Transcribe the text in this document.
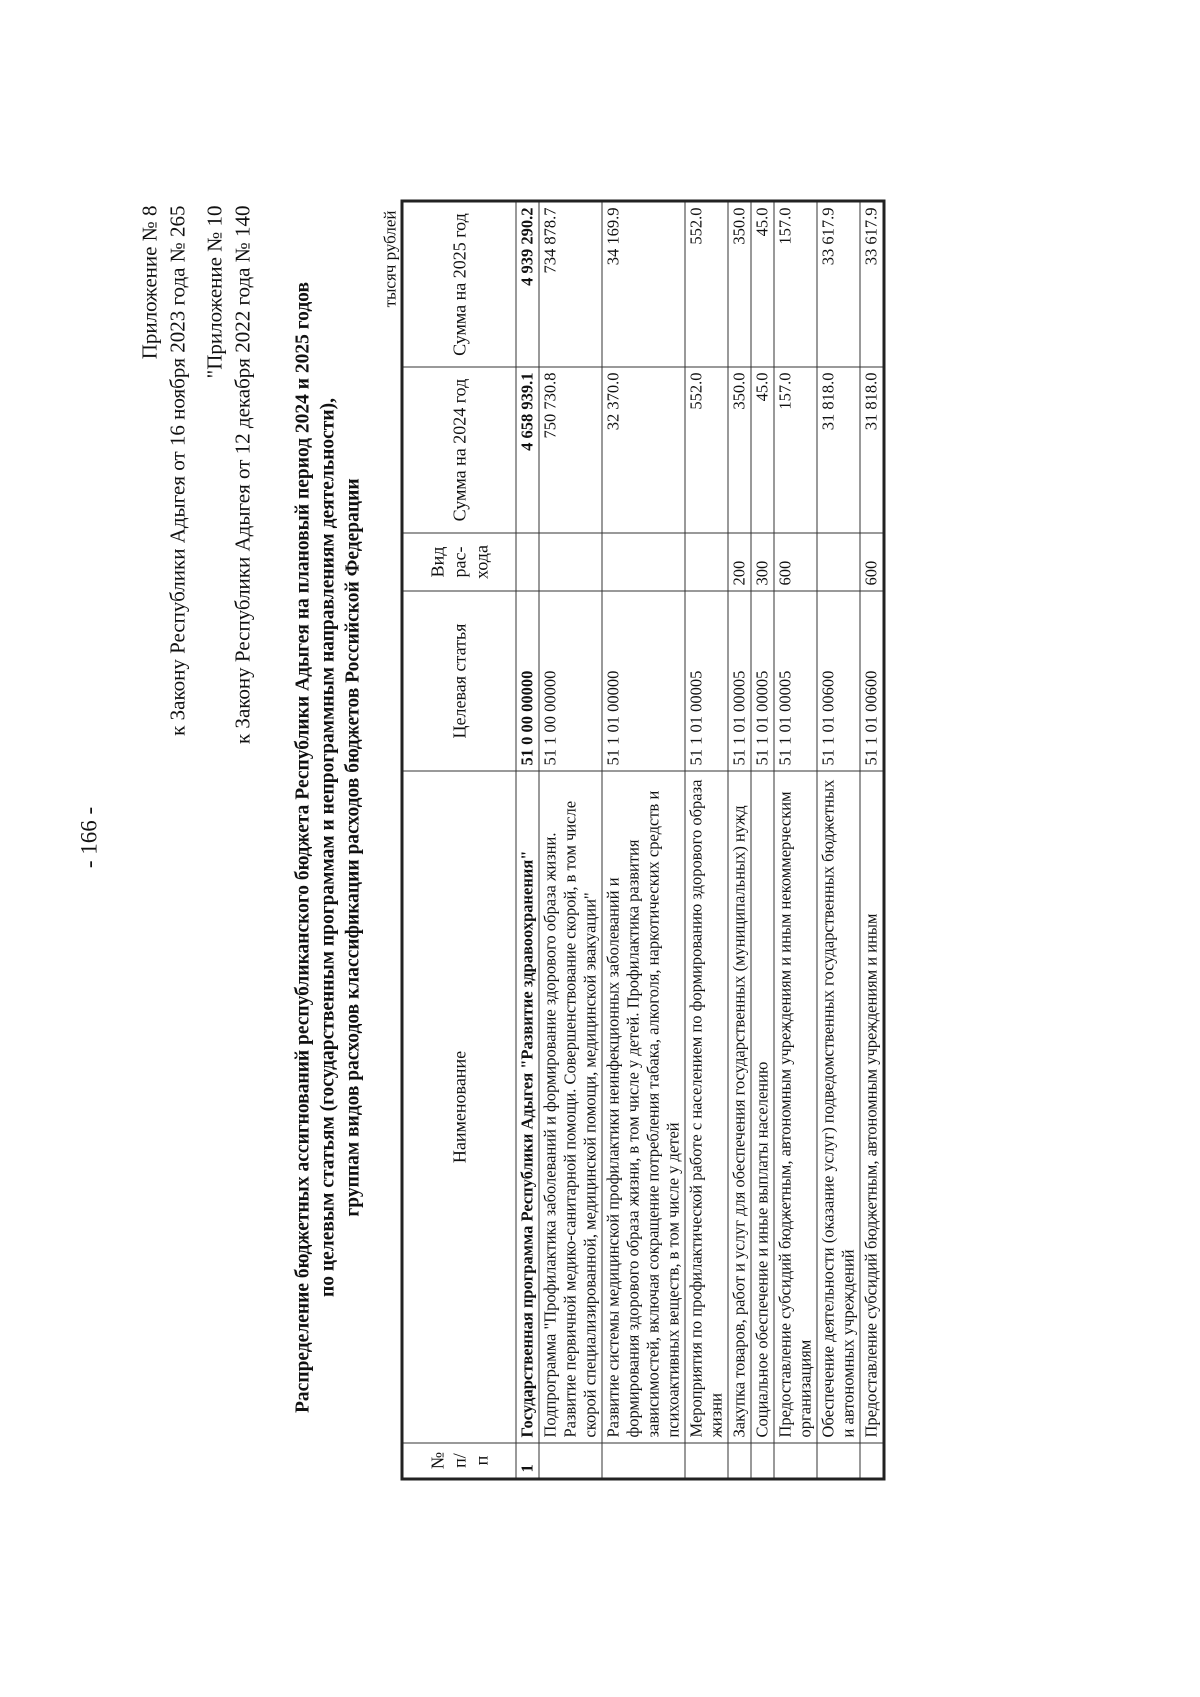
- 166 -
Приложение № 8 к Закону Республики Адыгея от 16 ноября 2023 года № 265 "Приложение № 10 к Закону Республики Адыгея от 12 декабря 2022 года № 140 Распределение бюджетных ассигнований республиканского бюджета Республики Адыгея на плановый период 2024 и 2025 годов по целевым статьям (государственным программам и непрограммным направлениям деятельности), группам видов расходов классификации расходов бюджетов Российской Федерации
тысяч рублей
№ п/п	Наименование	Целевая статья	Вид рас- хода	Сумма на 2024 год	Сумма на 2025 год
1	Государственная программа Республики Адыгея "Развитие здравоохранения"	51 0 00 00000		4 658 939.1	4 939 290.2
	Подпрограмма "Профилактика заболеваний и формирование здорового образа жизни. Развитие первичной медико-санитарной помощи. Совершенствование скорой, в том числе скорой специализированной, медицинской помощи, медицинской эвакуации"	51 1 00 00000		750 730.8	734 878.7
	Развитие системы медицинской профилактики неинфекционных заболеваний и формирования здорового образа жизни, в том числе у детей. Профилактика развития зависимостей, включая сокращение потребления табака, алкоголя, наркотических средств и психоактивных веществ, в том числе у детей	51 1 01 00000		32 370.0	34 169.9
	Мероприятия по профилактической работе с населением по формированию здорового образа жизни	51 1 01 00005		552.0	552.0
	Закупка товаров, работ и услуг для обеспечения государственных (муниципальных) нужд	51 1 01 00005	200	350.0	350.0
	Социальное обеспечение и иные выплаты населению	51 1 01 00005	300	45.0	45.0
	Предоставление субсидий бюджетным, автономным учреждениям и иным некоммерческим организациям	51 1 01 00005	600	157.0	157.0
	Обеспечение деятельности (оказание услуг) подведомственных государственных бюджетных и автономных учреждений	51 1 01 00600		31 818.0	33 617.9
	Предоставление субсидий бюджетным, автономным учреждениям и иным	51 1 01 00600	600	31 818.0	33 617.9
